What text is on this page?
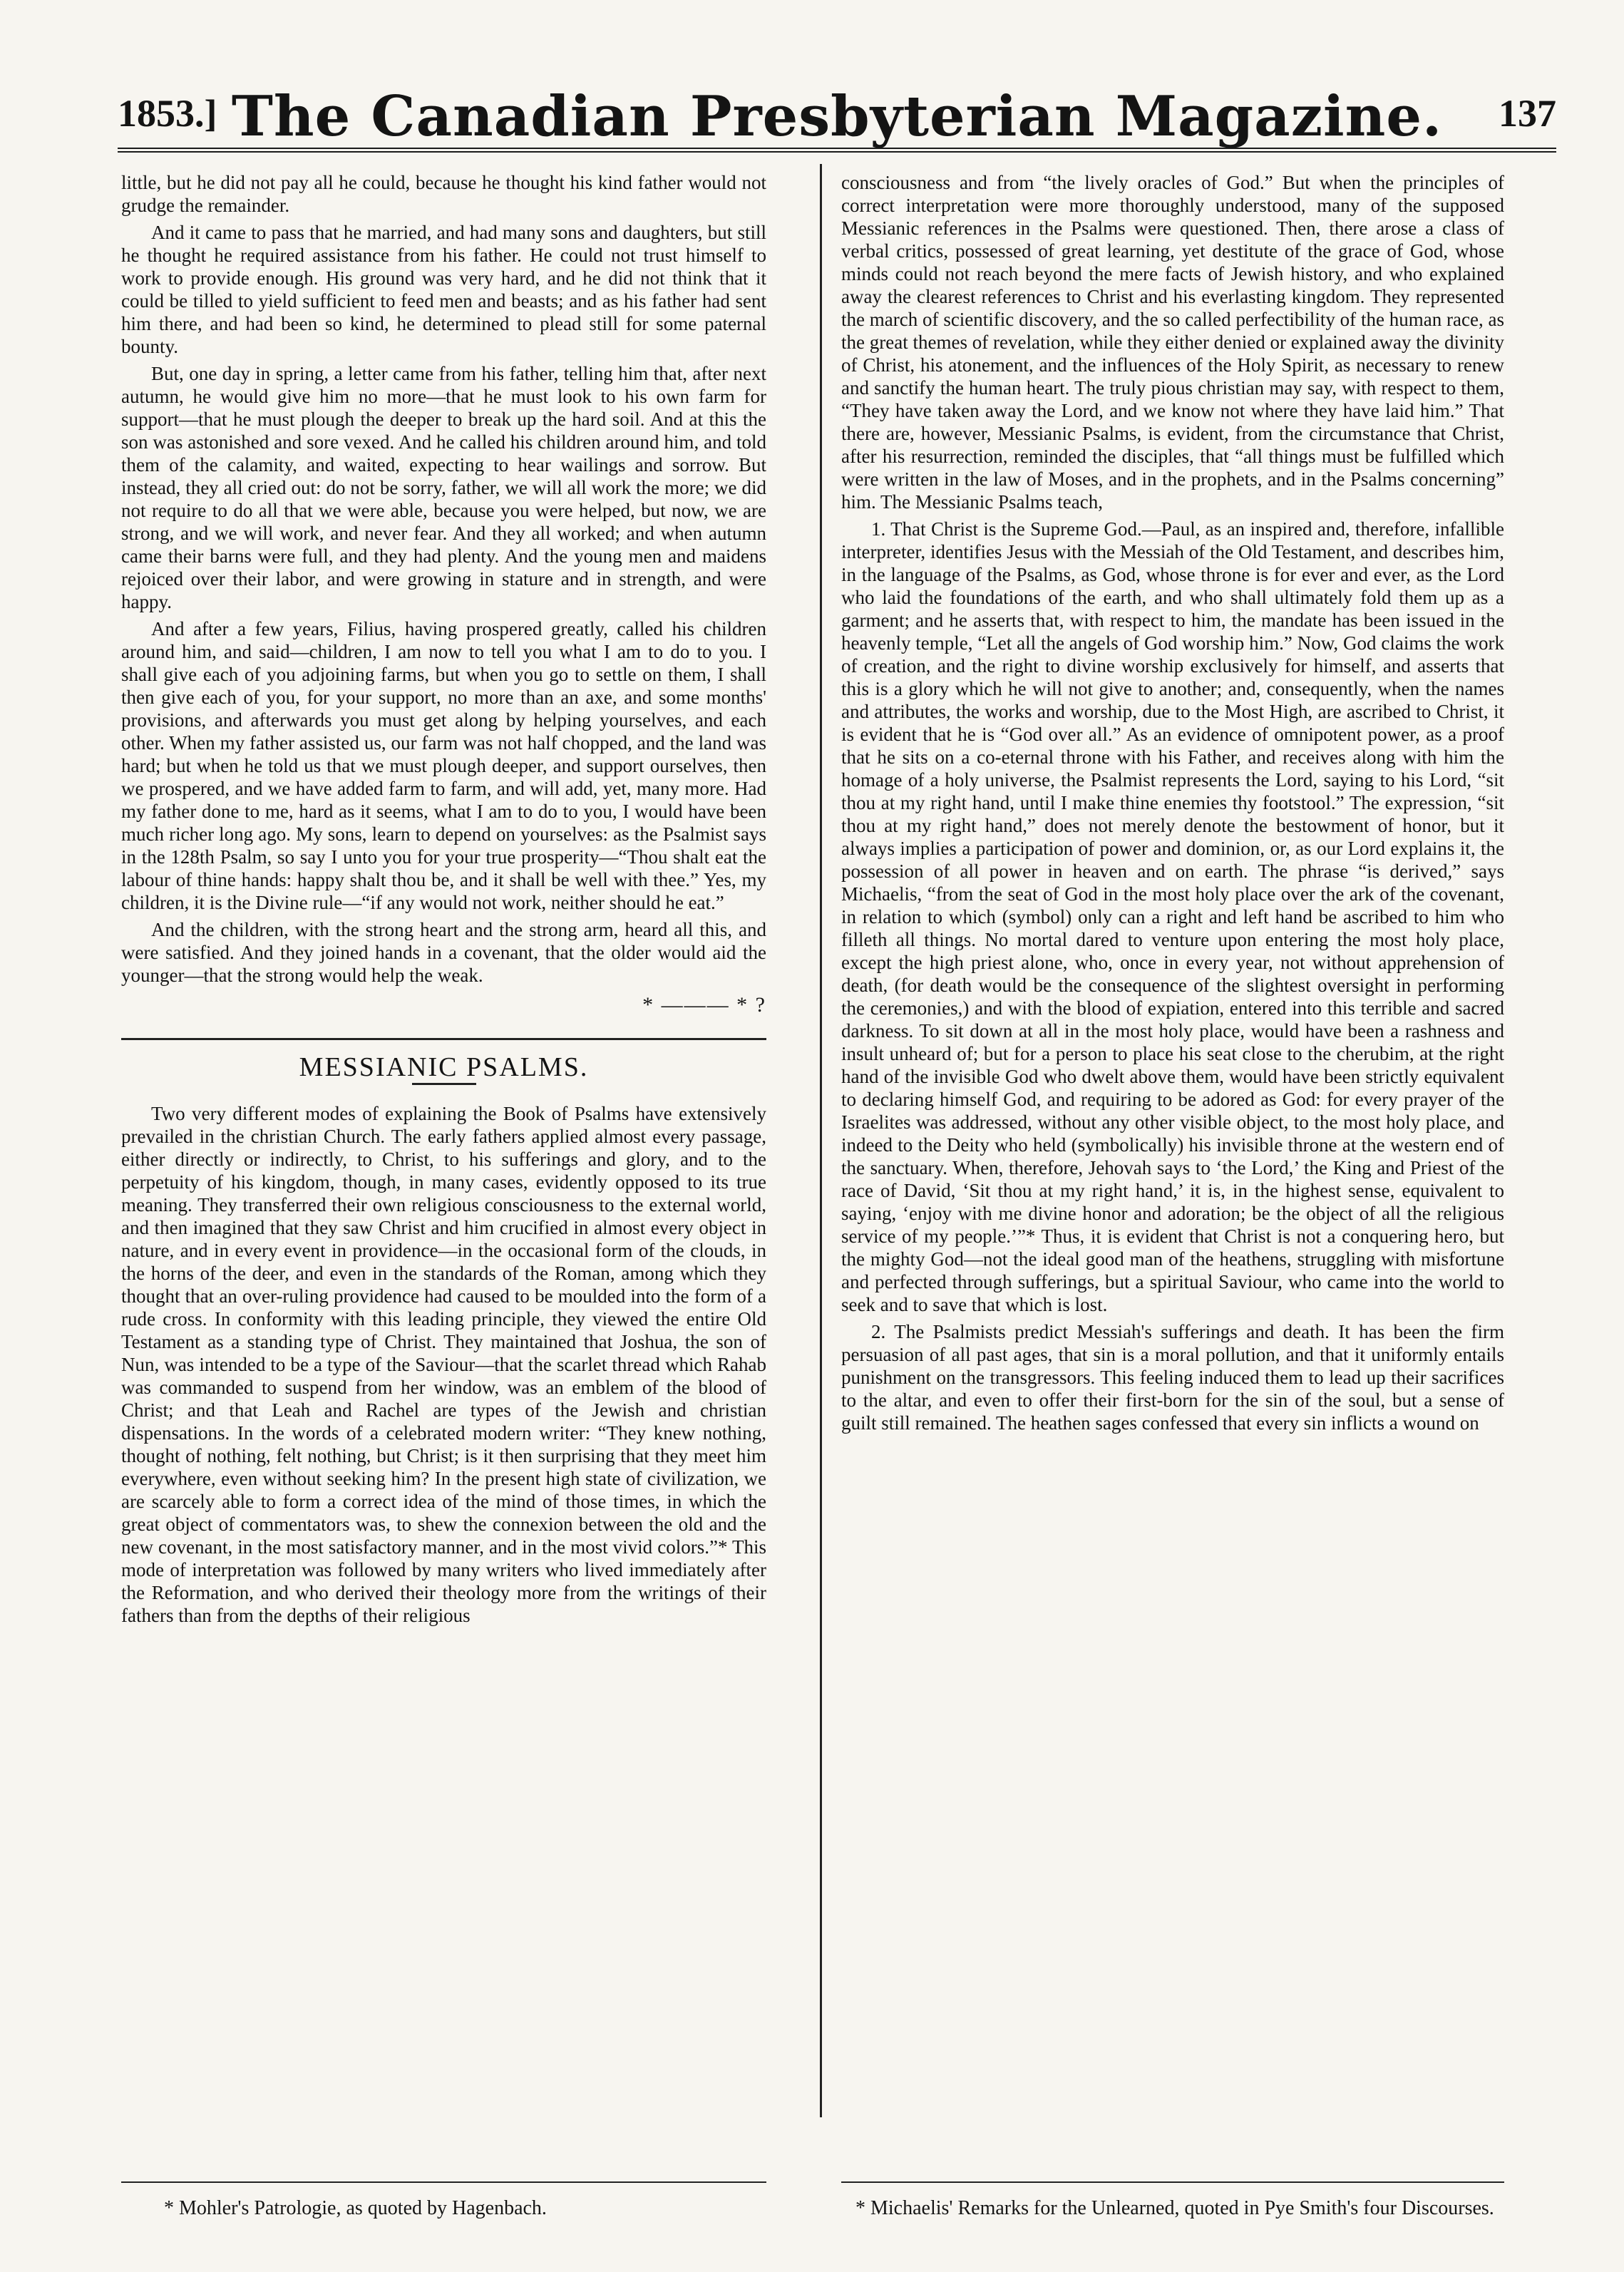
1853.] The Canadian Presbyterian Magazine.	137

little, but he did not pay all he could, because he thought his kind father would not grudge the remainder.

And it came to pass that he married, and had many sons and daughters, but still he thought he required assistance from his father. He could not trust himself to work to provide enough. His ground was very hard, and he did not think that it could be tilled to yield sufficient to feed men and beasts; and as his father had sent him there, and had been so kind, he determined to plead still for some paternal bounty.

But, one day in spring, a letter came from his father, telling him that, after next autumn, he would give him no more—that he must look to his own farm for support—that he must plough the deeper to break up the hard soil. And at this the son was astonished and sore vexed. And he called his children around him, and told them of the calamity, and waited, expecting to hear wailings and sorrow. But instead, they all cried out: do not be sorry, father, we will all work the more; we did not require to do all that we were able, because you were helped, but now, we are strong, and we will work, and never fear. And they all worked; and when autumn came their barns were full, and they had plenty. And the young men and maidens rejoiced over their labor, and were growing in stature and in strength, and were happy.

And after a few years, Filius, having prospered greatly, called his children around him, and said—children, I am now to tell you what I am to do to you. I shall give each of you adjoining farms, but when you go to settle on them, I shall then give each of you, for your support, no more than an axe, and some months' provisions, and afterwards you must get along by helping yourselves, and each other. When my father assisted us, our farm was not half chopped, and the land was hard; but when he told us that we must plough deeper, and support ourselves, then we prospered, and we have added farm to farm, and will add, yet, many more. Had my father done to me, hard as it seems, what I am to do to you, I would have been much richer long ago. My sons, learn to depend on yourselves: as the Psalmist says in the 128th Psalm, so say I unto you for your true prosperity—“Thou shalt eat the labour of thine hands: happy shalt thou be, and it shall be well with thee.” Yes, my children, it is the Divine rule—“if any would not work, neither should he eat.”

And the children, with the strong heart and the strong arm, heard all this, and were satisfied. And they joined hands in a covenant, that the older would aid the younger—that the strong would help the weak.

* ——— * ?
MESSIANIC PSALMS.

Two very different modes of explaining the Book of Psalms have extensively prevailed in the christian Church. The early fathers applied almost every passage, either directly or indirectly, to Christ, to his sufferings and glory, and to the perpetuity of his kingdom, though, in many cases, evidently opposed to its true meaning. They transferred their own religious consciousness to the external world, and then imagined that they saw Christ and him crucified in almost every object in nature, and in every event in providence—in the occasional form of the clouds, in the horns of the deer, and even in the standards of the Roman, among which they thought that an over-ruling providence had caused to be moulded into the form of a rude cross. In conformity with this leading principle, they viewed the entire Old Testament as a standing type of Christ. They maintained that Joshua, the son of Nun, was intended to be a type of the Saviour—that the scarlet thread which Rahab was commanded to suspend from her window, was an emblem of the blood of Christ; and that Leah and Rachel are types of the Jewish and christian dispensations. In the words of a celebrated modern writer: “They knew nothing, thought of nothing, felt nothing, but Christ; is it then surprising that they meet him everywhere, even without seeking him? In the present high state of civilization, we are scarcely able to form a correct idea of the mind of those times, in which the great object of commentators was, to shew the connexion between the old and the new covenant, in the most satisfactory manner, and in the most vivid colors.”* This mode of interpretation was followed by many writers who lived immediately after the Reformation, and who derived their theology more from the writings of their fathers than from the depths of their religious

consciousness and from “the lively oracles of God.” But when the principles of correct interpretation were more thoroughly understood, many of the supposed Messianic references in the Psalms were questioned. Then, there arose a class of verbal critics, possessed of great learning, yet destitute of the grace of God, whose minds could not reach beyond the mere facts of Jewish history, and who explained away the clearest references to Christ and his everlasting kingdom. They represented the march of scientific discovery, and the so called perfectibility of the human race, as the great themes of revelation, while they either denied or explained away the divinity of Christ, his atonement, and the influences of the Holy Spirit, as necessary to renew and sanctify the human heart. The truly pious christian may say, with respect to them, “They have taken away the Lord, and we know not where they have laid him.” That there are, however, Messianic Psalms, is evident, from the circumstance that Christ, after his resurrection, reminded the disciples, that “all things must be fulfilled which were written in the law of Moses, and in the prophets, and in the Psalms concerning” him. The Messianic Psalms teach,

1. That Christ is the Supreme God.—Paul, as an inspired and, therefore, infallible interpreter, identifies Jesus with the Messiah of the Old Testament, and describes him, in the language of the Psalms, as God, whose throne is for ever and ever, as the Lord who laid the foundations of the earth, and who shall ultimately fold them up as a garment; and he asserts that, with respect to him, the mandate has been issued in the heavenly temple, “Let all the angels of God worship him.” Now, God claims the work of creation, and the right to divine worship exclusively for himself, and asserts that this is a glory which he will not give to another; and, consequently, when the names and attributes, the works and worship, due to the Most High, are ascribed to Christ, it is evident that he is “God over all.” As an evidence of omnipotent power, as a proof that he sits on a co-eternal throne with his Father, and receives along with him the homage of a holy universe, the Psalmist represents the Lord, saying to his Lord, “sit thou at my right hand, until I make thine enemies thy footstool.” The expression, “sit thou at my right hand,” does not merely denote the bestowment of honor, but it always implies a participation of power and dominion, or, as our Lord explains it, the possession of all power in heaven and on earth. The phrase “is derived,” says Michaelis, “from the seat of God in the most holy place over the ark of the covenant, in relation to which (symbol) only can a right and left hand be ascribed to him who filleth all things. No mortal dared to venture upon entering the most holy place, except the high priest alone, who, once in every year, not without apprehension of death, (for death would be the consequence of the slightest oversight in performing the ceremonies,) and with the blood of expiation, entered into this terrible and sacred darkness. To sit down at all in the most holy place, would have been a rashness and insult unheard of; but for a person to place his seat close to the cherubim, at the right hand of the invisible God who dwelt above them, would have been strictly equivalent to declaring himself God, and requiring to be adored as God: for every prayer of the Israelites was addressed, without any other visible object, to the most holy place, and indeed to the Deity who held (symbolically) his invisible throne at the western end of the sanctuary. When, therefore, Jehovah says to ‘the Lord,’ the King and Priest of the race of David, ‘Sit thou at my right hand,’ it is, in the highest sense, equivalent to saying, ‘enjoy with me divine honor and adoration; be the object of all the religious service of my people.’”* Thus, it is evident that Christ is not a conquering hero, but the mighty God—not the ideal good man of the heathens, struggling with misfortune and perfected through sufferings, but a spiritual Saviour, who came into the world to seek and to save that which is lost.

2. The Psalmists predict Messiah's sufferings and death. It has been the firm persuasion of all past ages, that sin is a moral pollution, and that it uniformly entails punishment on the transgressors. This feeling induced them to lead up their sacrifices to the altar, and even to offer their first-born for the sin of the soul, but a sense of guilt still remained. The heathen sages confessed that every sin inflicts a wound on

* Mohler's Patrologie, as quoted by Hagenbach.	* Michaelis' Remarks for the Unlearned, quoted in Pye Smith's four Discourses.
